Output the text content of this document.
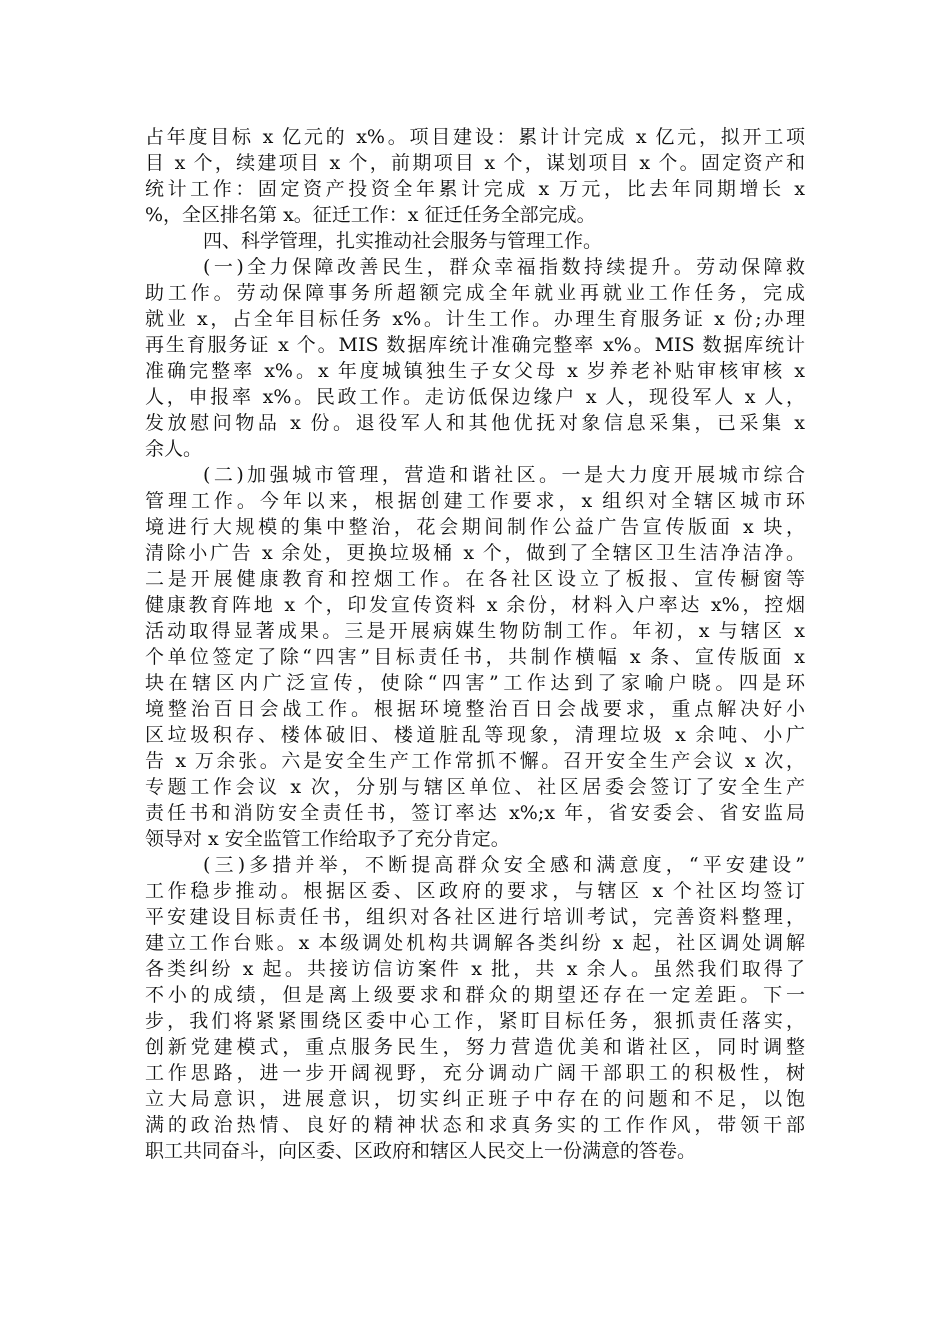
占年度目标 x 亿元的 x%。项目建设：累计计完成 x 亿元，拟开工项
目 x 个，续建项目 x 个，前期项目 x 个，谋划项目 x 个。固定资产和
统计工作：固定资产投资全年累计完成 x 万元，比去年同期增长 x
%，全区排名第 x。征迁工作：x 征迁任务全部完成。
四、科学管理，扎实推动社会服务与管理工作。
(一)全力保障改善民生，群众幸福指数持续提升。劳动保障救
助工作。劳动保障事务所超额完成全年就业再就业工作任务，完成
就业 x，占全年目标任务 x%。计生工作。办理生育服务证 x 份;办理
再生育服务证 x 个。MIS 数据库统计准确完整率 x%。MIS 数据库统计
准确完整率 x%。x 年度城镇独生子女父母 x 岁养老补贴审核审核 x
人，申报率 x%。民政工作。走访低保边缘户 x 人，现役军人 x 人，
发放慰问物品 x 份。退役军人和其他优抚对象信息采集，已采集 x
余人。
(二)加强城市管理，营造和谐社区。一是大力度开展城市综合
管理工作。今年以来，根据创建工作要求，x 组织对全辖区城市环
境进行大规模的集中整治，花会期间制作公益广告宣传版面 x 块，
清除小广告 x 余处，更换垃圾桶 x 个，做到了全辖区卫生洁净洁净。
二是开展健康教育和控烟工作。在各社区设立了板报、宣传橱窗等
健康教育阵地 x 个，印发宣传资料 x 余份，材料入户率达 x%，控烟
活动取得显著成果。三是开展病媒生物防制工作。年初，x 与辖区 x
个单位签定了除“四害”目标责任书，共制作横幅 x 条、宣传版面 x
块在辖区内广泛宣传，使除“四害”工作达到了家喻户晓。四是环
境整治百日会战工作。根据环境整治百日会战要求，重点解决好小
区垃圾积存、楼体破旧、楼道脏乱等现象，清理垃圾 x 余吨、小广
告 x 万余张。六是安全生产工作常抓不懈。召开安全生产会议 x 次，
专题工作会议 x 次，分别与辖区单位、社区居委会签订了安全生产
责任书和消防安全责任书，签订率达 x%;x 年，省安委会、省安监局
领导对 x 安全监管工作给取予了充分肯定。
(三)多措并举，不断提高群众安全感和满意度，“平安建设”
工作稳步推动。根据区委、区政府的要求，与辖区 x 个社区均签订
平安建设目标责任书，组织对各社区进行培训考试，完善资料整理，
建立工作台账。x 本级调处机构共调解各类纠纷 x 起，社区调处调解
各类纠纷 x 起。共接访信访案件 x 批，共 x 余人。虽然我们取得了
不小的成绩，但是离上级要求和群众的期望还存在一定差距。下一
步，我们将紧紧围绕区委中心工作，紧盯目标任务，狠抓责任落实，
创新党建模式，重点服务民生，努力营造优美和谐社区，同时调整
工作思路，进一步开阔视野，充分调动广阔干部职工的积极性，树
立大局意识，进展意识，切实纠正班子中存在的问题和不足，以饱
满的政治热情、良好的精神状态和求真务实的工作作风，带领干部
职工共同奋斗，向区委、区政府和辖区人民交上一份满意的答卷。
